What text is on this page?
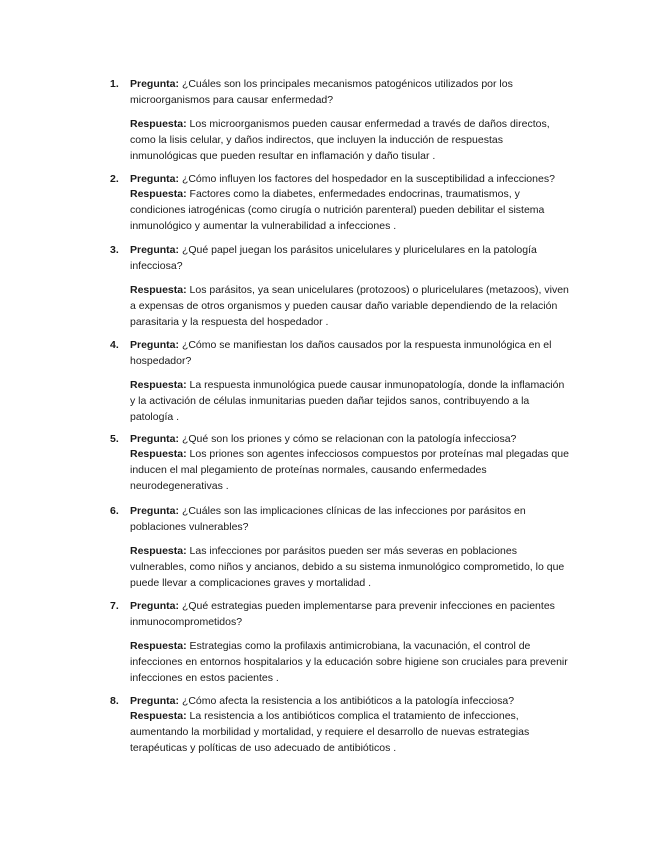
1. Pregunta: ¿Cuáles son los principales mecanismos patogénicos utilizados por los microorganismos para causar enfermedad?

Respuesta: Los microorganismos pueden causar enfermedad a través de daños directos, como la lisis celular, y daños indirectos, que incluyen la inducción de respuestas inmunológicas que pueden resultar en inflamación y daño tisular .

2. Pregunta: ¿Cómo influyen los factores del hospedador en la susceptibilidad a infecciones?

Respuesta: Factores como la diabetes, enfermedades endocrinas, traumatismos, y condiciones iatrogénicas (como cirugía o nutrición parenteral) pueden debilitar el sistema inmunológico y aumentar la vulnerabilidad a infecciones .

3. Pregunta: ¿Qué papel juegan los parásitos unicelulares y pluricelulares en la patología infecciosa?

Respuesta: Los parásitos, ya sean unicelulares (protozoos) o pluricelulares (metazoos), viven a expensas de otros organismos y pueden causar daño variable dependiendo de la relación parasitaria y la respuesta del hospedador .

4. Pregunta: ¿Cómo se manifiestan los daños causados por la respuesta inmunológica en el hospedador?

Respuesta: La respuesta inmunológica puede causar inmunopatología, donde la inflamación y la activación de células inmunitarias pueden dañar tejidos sanos, contribuyendo a la patología .

5. Pregunta: ¿Qué son los priones y cómo se relacionan con la patología infecciosa?

Respuesta: Los priones son agentes infecciosos compuestos por proteínas mal plegadas que inducen el mal plegamiento de proteínas normales, causando enfermedades neurodegenerativas .

6. Pregunta: ¿Cuáles son las implicaciones clínicas de las infecciones por parásitos en poblaciones vulnerables?

Respuesta: Las infecciones por parásitos pueden ser más severas en poblaciones vulnerables, como niños y ancianos, debido a su sistema inmunológico comprometido, lo que puede llevar a complicaciones graves y mortalidad .

7. Pregunta: ¿Qué estrategias pueden implementarse para prevenir infecciones en pacientes inmunocomprometidos?

Respuesta: Estrategias como la profilaxis antimicrobiana, la vacunación, el control de infecciones en entornos hospitalarios y la educación sobre higiene son cruciales para prevenir infecciones en estos pacientes .

8. Pregunta: ¿Cómo afecta la resistencia a los antibióticos a la patología infecciosa?

Respuesta: La resistencia a los antibióticos complica el tratamiento de infecciones, aumentando la morbilidad y mortalidad, y requiere el desarrollo de nuevas estrategias terapéuticas y políticas de uso adecuado de antibióticos .
